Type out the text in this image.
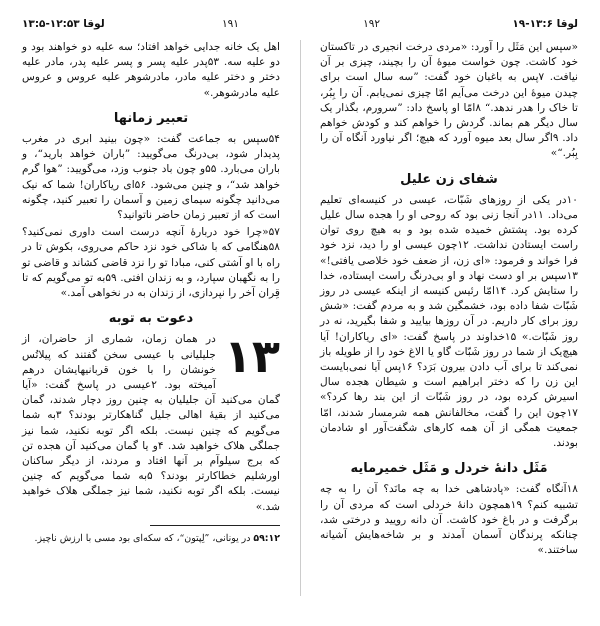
لوقا ۱۳:۶-۱۹
۱۹۲
۱۹۱
لوقا ۱۲:۵۳-۱۳:۵

«سپس این مَثَل را آورد: «مردی درخت انجیری در تاکستان خود کاشت. چون خواست میوهٔ آن را بچیند، چیزی بر آن نیافت. ۷پس به باغبان خود گفت: ”سه سال است برای چیدن میوهٔ این درخت می‌آیم امّا چیزی نمی‌یابم. آن را بِبُر، تا خاک را هدر ندهد.“ ۸امّا او پاسخ داد: ”سرورم، بگذار یک سال دیگر هم بماند. گردش را خواهم کند و کودش خواهم داد. ۹اگر سال بعد میوه آورد که هیچ؛ اگر نیاورد آنگاه آن را بِبُر.“»

شفای زن علیل

۱۰در یکی از روزهای شَبّات، عیسی در کنیسه‌ای تعلیم می‌داد. ۱۱در آنجا زنی بود که روحی او را هجده سال علیل کرده بود. پشتش خمیده شده بود و به هیچ روی توان راست ایستادن نداشت. ۱۲چون عیسی او را دید، نزد خود فرا خواند و فرمود: «ای زن، از ضعف خود خلاصی یافتی!» ۱۳سپس بر او دست نهاد و او بی‌درنگ راست ایستاده، خدا را ستایش کرد. ۱۴امّا رئیس کنیسه از اینکه عیسی در روز شَبّات شفا داده بود، خشمگین شد و به مردم گفت: «شش روز برای کار داریم. در آن روزها بیایید و شفا بگیرید، نه در روز شَبّات.» ۱۵خداوند در پاسخ گفت: «ای ریاکاران! آیا هیچ‌یک از شما در روز شَبّات گاو یا الاغ خود را از طویله باز نمی‌کند تا برای آب دادن بیرون بَرَد؟ ۱۶پس آیا نمی‌بایست این زن را که دختر ابراهیم است و شیطان هجده سال اسیرش کرده بود، در روز شَبّات از این بند رها کرد؟» ۱۷چون این را گفت، مخالفانش همه شرمسار شدند، امّا جمعیت همگی از آن همه کارهای شگفت‌آور او شادمان بودند.

مَثَل دانهٔ خردل و مَثَل خمیرمایه

۱۸آنگاه گفت: «پادشاهی خدا به چه مانَد؟ آن را به چه تشبیه کنم؟ ۱۹همچون دانهٔ خردلی است که مردی آن را برگرفت و در باغ خود کاشت. آن دانه رویید و درختی شد، چنانکه پرندگان آسمان آمدند و بر شاخه‌هایش آشیانه ساختند.»

اهل یک خانه جدایی خواهد افتاد؛ سه علیه دو خواهند بود و دو علیه سه. ۵۳پدر علیه پسر و پسر علیه پدر، مادر علیه دختر و دختر علیه مادر، مادرشوهر علیه عروس و عروس علیه مادرشوهر.»

تعبیر زمانها

۵۴سپس به جماعت گفت: «چون بینید ابری در مغرب پدیدار شود، بی‌درنگ می‌گویید: ”باران خواهد بارید“، و باران می‌بارد. ۵۵و چون باد جنوب وزد، می‌گویید: ”هوا گرم خواهد شد“، و چنین می‌شود. ۵۶ای ریاکاران! شما که نیک می‌دانید چگونه سیمای زمین و آسمان را تعبیر کنید، چگونه است که از تعبیر زمان حاضر ناتوانید؟

۵۷«چرا خود دربارهٔ آنچه درست است داوری نمی‌کنید؟ ۵۸هنگامی که با شاکی خود نزد حاکم می‌روی، بکوش تا در راه با او آشتی کنی، مبادا تو را نزد قاضی کشاند و قاضی تو را به نگهبان سپارد، و به زندان افتی. ۵۹به تو می‌گویم که تا قِران آخر را نپردازی، از زندان به در نخواهی آمد.»

دعوت به توبه

۱۳
در همان زمان، شماری از حاضران، از جلیلیانی با عیسی سخن گفتند که پیلاتُس خونشان را با خون قربانیهایشان درهم آمیخته بود. ۲عیسی در پاسخ گفت: «آیا گمان می‌کنید آن جلیلیان به چنین روز دچار شدند، گمان می‌کنید از بقیهٔ اهالی جلیل گناهکارتر بودند؟ ۳به شما می‌گویم که چنین نیست. بلکه اگر توبه نکنید، شما نیز جملگی هلاک خواهید شد. ۴و یا گمان می‌کنید آن هجده تن که برج سیلوآم بر آنها افتاد و مردند، از دیگر ساکنان اورشلیم خطاکارتر بودند؟ ۵به شما می‌گویم که چنین نیست. بلکه اگر توبه نکنید، شما نیز جملگی هلاک خواهید شد.»

۵۹:۱۲ در یونانی، ”لِپتون“، که سکه‌ای بود مسی با ارزش ناچیز.
